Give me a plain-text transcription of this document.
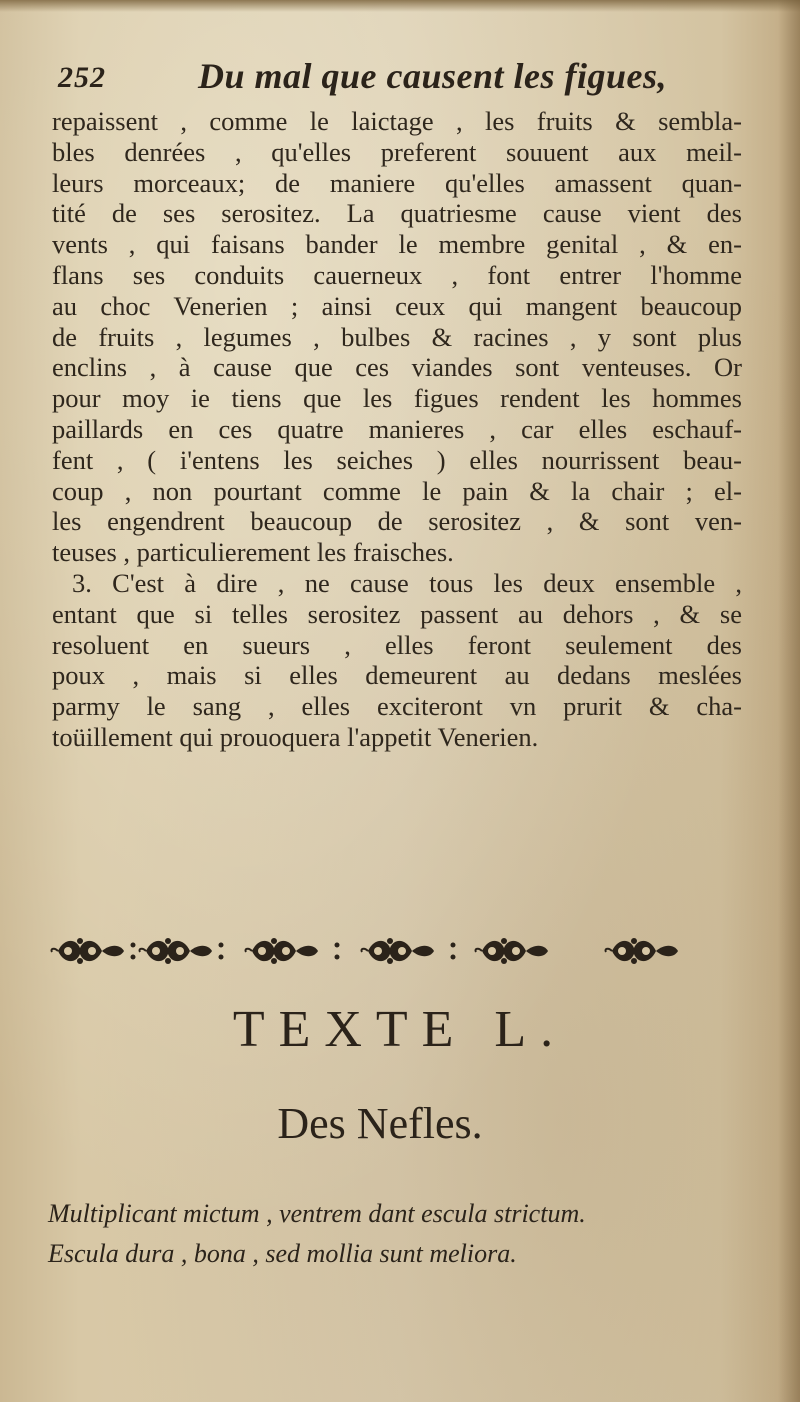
252	Du mal que causent les figues,
repaissent , comme le laictage , les fruits & sembla-
bles denrées , qu'elles preferent souuent aux meil-
leurs morceaux; de maniere qu'elles amassent quan-
tité de ses serositez. La quatriesme cause vient des
vents , qui faisans bander le membre genital , & en-
flans ses conduits cauerneux , font entrer l'homme
au choc Venerien ; ainsi ceux qui mangent beaucoup
de fruits , legumes , bulbes & racines , y sont plus
enclins , à cause que ces viandes sont venteuses. Or
pour moy ie tiens que les figues rendent les hommes
paillards en ces quatre manieres , car elles eschauf-
fent , ( i'entens les seiches ) elles nourrissent beau-
coup , non pourtant comme le pain & la chair ; el-
les engendrent beaucoup de serositez , & sont ven-
teuses , particulierement les fraisches.
3. C'est à dire , ne cause tous les deux ensemble ,
entant que si telles serositez passent au dehors , & se
resoluent en sueurs , elles feront seulement des
poux , mais si elles demeurent au dedans meslées
parmy le sang , elles exciteront vn prurit & cha-
toüillement qui prouoquera l'appetit Venerien.
TEXTE L.
Des Nefles.
Multiplicant mictum , ventrem dant escula strictum.
Escula dura , bona , sed mollia sunt meliora.
